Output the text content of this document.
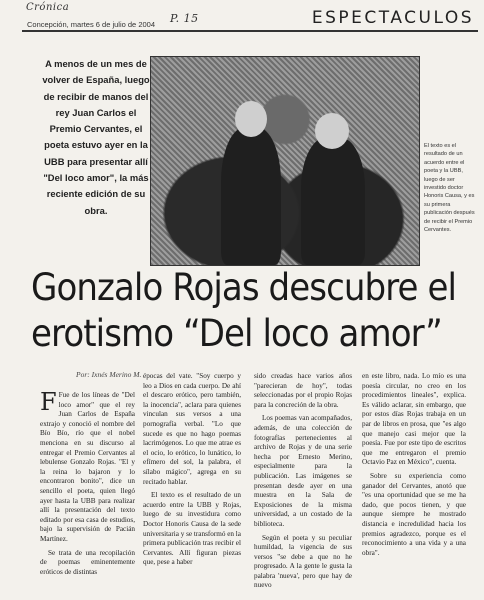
Crónica
Concepción, martes 6 de julio de 2004 P. 15	ESPECTACULOS
A menos de un mes de volver de España, luego de recibir de manos del rey Juan Carlos el Premio Cervantes, el poeta estuvo ayer en la UBB para presentar allí "Del loco amor", la más reciente edición de su obra.
El texto es el resultado de un acuerdo entre el poeta y la UBB, luego de ser investido doctor Honoris Causa, y es su primera publicación después de recibir el Premio Cervantes.
Gonzalo Rojas descubre el
erotismo “Del loco amor”
Por: Ixnés Merino M.

F Fue de los líneas de "Del loco amor" que el rey Juan Carlos de España extrajo y conoció el nombre del Bío Bío, río que el nobel menciona en su discurso al entregar el Premio Cervantes al lebulense Gonzalo Rojas. "El y la reina lo bajaron y lo encontraron bonito", dice un sencillo el poeta, quien llegó ayer hasta la UBB para realizar allí la presentación del texto editado por esa casa de estudios, bajo la supervisión de Pacián Martínez.

Se trata de una recopilación de poemas eminentemente eróticos de distintas

épocas del vate. "Soy cuerpo y leo a Dios en cada cuerpo. De ahí el descaro erótico, pero también, la inocencia", aclara para quienes vinculan sus versos a una pornografía verbal. "Lo que sucede es que no hago poemas lacrimógenos. Lo que me atrae es el ocio, lo erótico, lo lunático, lo efímero del sol, la palabra, el sílabo mágico", agrega en su recitado hablar.

El texto es el resultado de un acuerdo entre la UBB y Rojas, luego de su investidura como Doctor Honoris Causa de la sede universitaria y se transformó en la primera publicación tras recibir el Cervantes. Allí figuran piezas que, pese a haber

sido creadas hace varios años "parecieran de hoy", todas seleccionadas por el propio Rojas para la concreción de la obra.

Los poemas van acompañados, además, de una colección de fotografías pertenecientes al archivo de Rojas y de una serie hecha por Ernesto Merino, especialmente para la publicación. Las imágenes se presentan desde ayer en una muestra en la Sala de Exposiciones de la misma universidad, a un costado de la biblioteca.

Según el poeta y su peculiar humildad, la vigencia de sus versos "se debe a que no he progresado. A la gente le gusta la palabra 'nueva', pero que hay de nuevo

en este libro, nada. Lo mío es una poesía circular, no creo en los procedimientos lineales", explica. Es válido aclarar, sin embargo, que por estos días Rojas trabaja en un par de libros en prosa, que "es algo que manejo casi mejor que la poesía. Fue por este tipo de escritos que me entregaron el premio Octavio Paz en México", cuenta.

Sobre su experiencia como ganador del Cervantes, anotó que "es una oportunidad que se me ha dado, que pocos tienen, y que aunque siempre he mostrado distancia e incredulidad hacia los premios agradezco, porque es el reconocimiento a una vida y a una obra".
